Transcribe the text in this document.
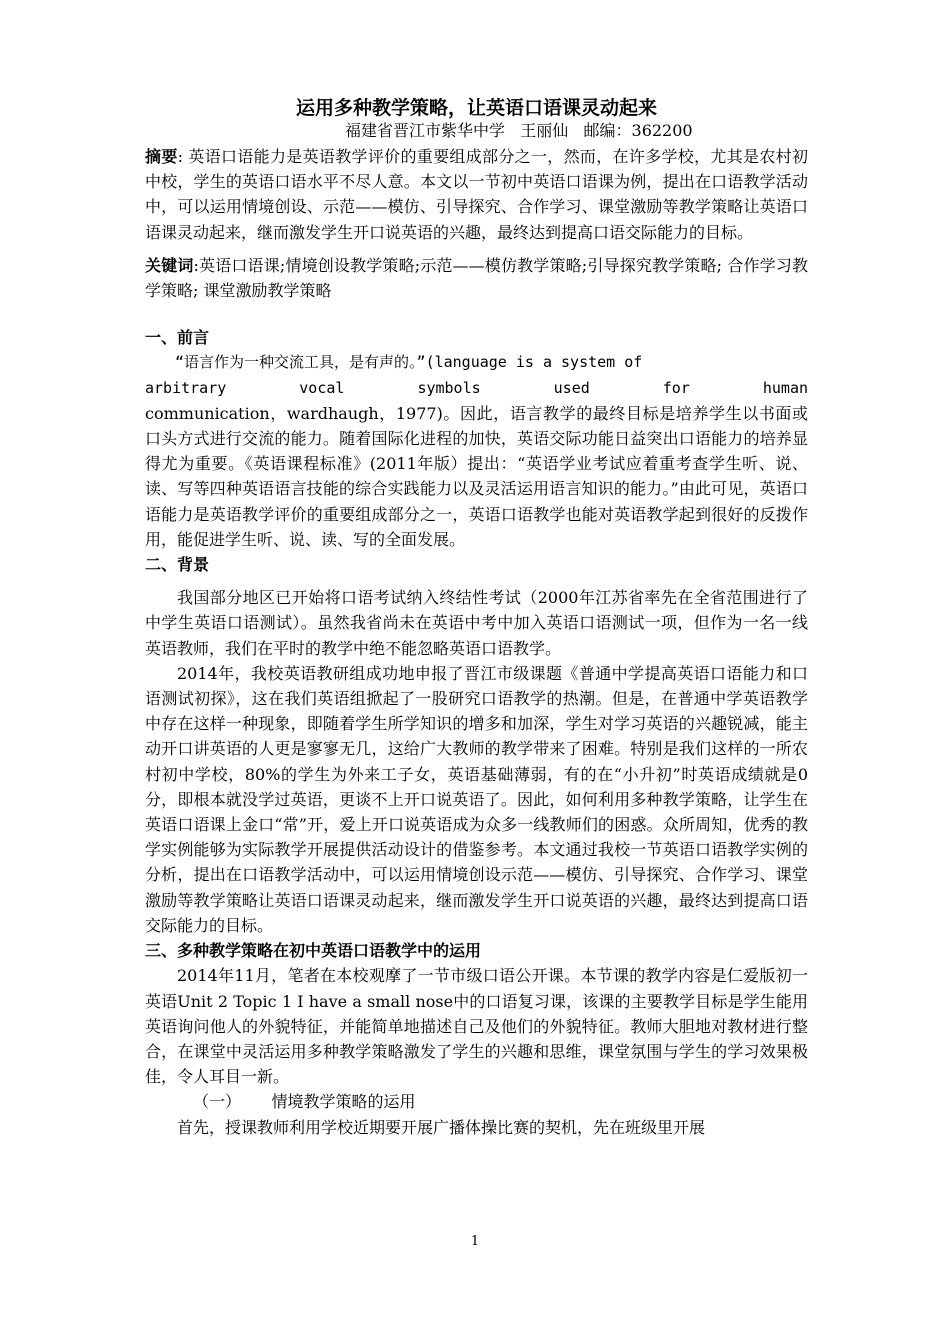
运用多种教学策略，让英语口语课灵动起来
福建省晋江市紫华中学   王丽仙   邮编：362200

摘要: 英语口语能力是英语教学评价的重要组成部分之一，然而，在许多学校，尤其是农村初中校，学生的英语口语水平不尽人意。本文以一节初中英语口语课为例，提出在口语教学活动中，可以运用情境创设、示范——模仿、引导探究、合作学习、课堂激励等教学策略让英语口语课灵动起来，继而激发学生开口说英语的兴趣，最终达到提高口语交际能力的目标。

关键词:英语口语课;情境创设教学策略;示范——模仿教学策略;引导探究教学策略; 合作学习教学策略; 课堂激励教学策略

一、前言

“语言作为一种交流工具，是有声的。”(language is a system of

arbitrary	vocal	symbols	used	for	human

communication，wardhaugh，1977)。因此，语言教学的最终目标是培养学生以书面或口头方式进行交流的能力。随着国际化进程的加快，英语交际功能日益突出口语能力的培养显得尤为重要。《英语课程标准》(2011年版）提出：“英语学业考试应着重考查学生听、说、读、写等四种英语语言技能的综合实践能力以及灵活运用语言知识的能力。”由此可见，英语口语能力是英语教学评价的重要组成部分之一，英语口语教学也能对英语教学起到很好的反拨作用，能促进学生听、说、读、写的全面发展。

二、背景

我国部分地区已开始将口语考试纳入终结性考试（2000年江苏省率先在全省范围进行了中学生英语口语测试）。虽然我省尚未在英语中考中加入英语口语测试一项，但作为一名一线英语教师，我们在平时的教学中绝不能忽略英语口语教学。

2014年，我校英语教研组成功地申报了晋江市级课题《普通中学提高英语口语能力和口语测试初探》，这在我们英语组掀起了一股研究口语教学的热潮。但是，在普通中学英语教学中存在这样一种现象，即随着学生所学知识的增多和加深，学生对学习英语的兴趣锐减，能主动开口讲英语的人更是寥寥无几，这给广大教师的教学带来了困难。特别是我们这样的一所农村初中学校，80%的学生为外来工子女，英语基础薄弱，有的在“小升初”时英语成绩就是0分，即根本就没学过英语，更谈不上开口说英语了。因此，如何利用多种教学策略，让学生在英语口语课上金口“常”开，爱上开口说英语成为众多一线教师们的困惑。众所周知，优秀的教学实例能够为实际教学开展提供活动设计的借鉴参考。本文通过我校一节英语口语教学实例的分析，提出在口语教学活动中，可以运用情境创设示范——模仿、引导探究、合作学习、课堂激励等教学策略让英语口语课灵动起来，继而激发学生开口说英语的兴趣，最终达到提高口语交际能力的目标。

三、多种教学策略在初中英语口语教学中的运用

2014年11月，笔者在本校观摩了一节市级口语公开课。本节课的教学内容是仁爱版初一英语Unit 2 Topic 1 I have a small nose中的口语复习课，该课的主要教学目标是学生能用英语询问他人的外貌特征，并能简单地描述自己及他们的外貌特征。教师大胆地对教材进行整合，在课堂中灵活运用多种教学策略激发了学生的兴趣和思维，课堂氛围与学生的学习效果极佳，令人耳目一新。

（一）      情境教学策略的运用

首先，授课教师利用学校近期要开展广播体操比赛的契机，先在班级里开展

1
